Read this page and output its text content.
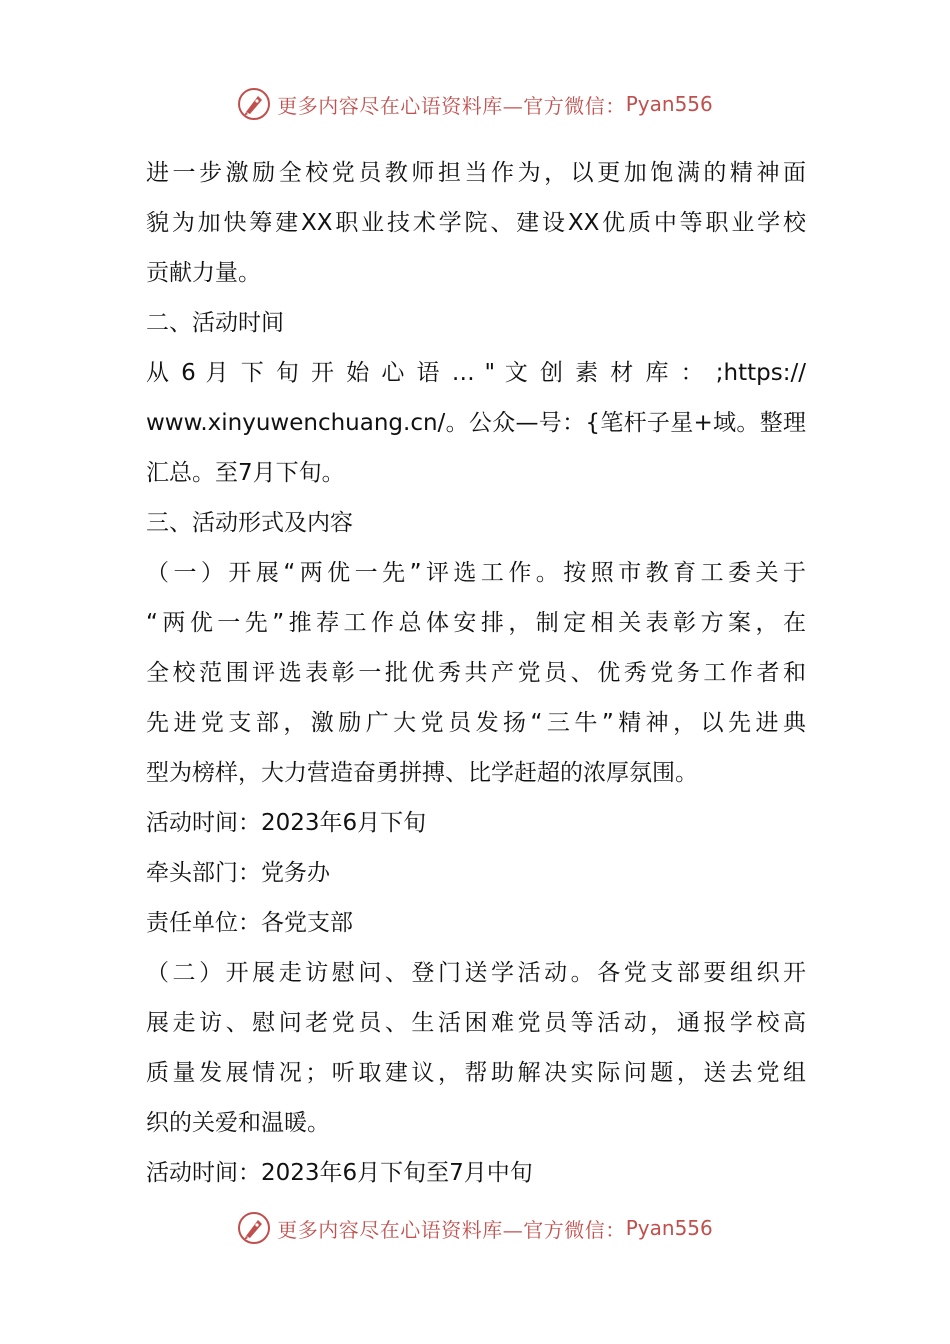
更多内容尽在心语资料库—官方微信： Pyan556
进一步激励全校党员教师担当作为，以更加饱满的精神面
貌为加快筹建XX职业技术学院、建设XX优质中等职业学校
贡献力量。
二、活动时间
从 6 月 下 旬 开 始 心 语 … " 文 创 素 材 库 ： ;https://
www.xinyuwenchuang.cn/。公众—号：{笔杆子星+域。整理
汇总。至7月下旬。
三、活动形式及内容
（一）开展“两优一先”评选工作。按照市教育工委关于
“两优一先”推荐工作总体安排，制定相关表彰方案，在
全校范围评选表彰一批优秀共产党员、优秀党务工作者和
先进党支部，激励广大党员发扬“三牛”精神，以先进典
型为榜样，大力营造奋勇拼搏、比学赶超的浓厚氛围。
活动时间：2023年6月下旬
牵头部门：党务办
责任单位：各党支部
（二）开展走访慰问、登门送学活动。各党支部要组织开
展走访、慰问老党员、生活困难党员等活动，通报学校高
质量发展情况；听取建议，帮助解决实际问题，送去党组
织的关爱和温暖。
活动时间：2023年6月下旬至7月中旬
更多内容尽在心语资料库—官方微信： Pyan556
